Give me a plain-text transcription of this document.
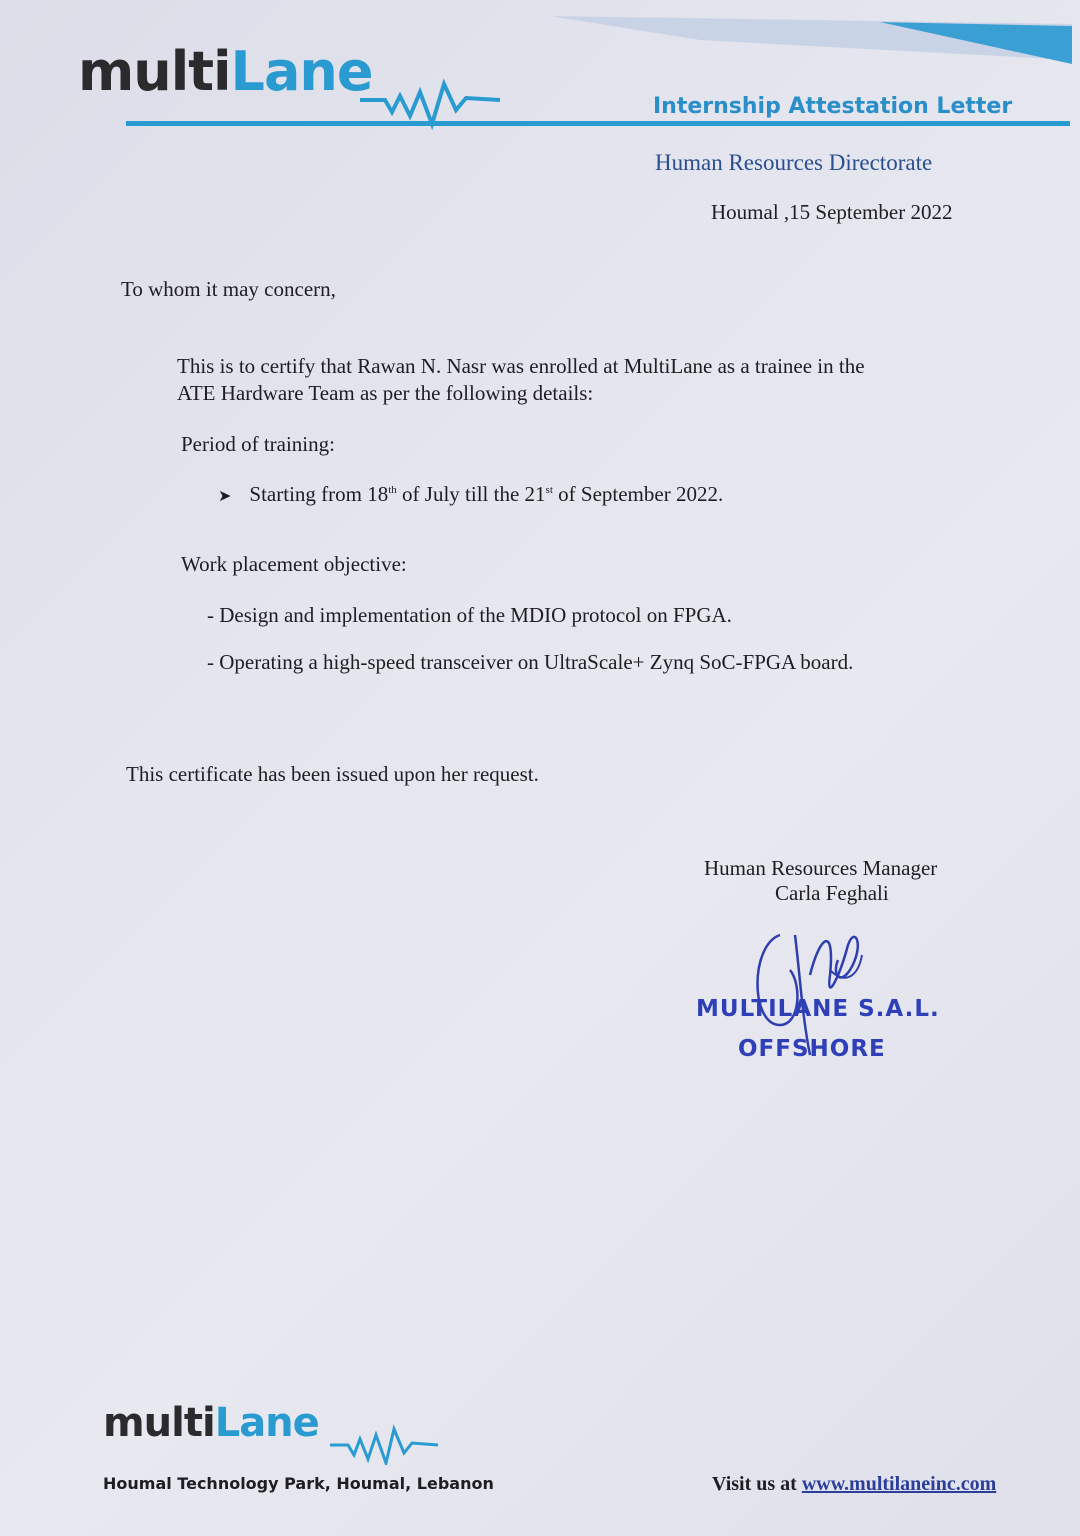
multiLane
Internship Attestation Letter
Human Resources Directorate
Houmal ,15 September 2022
To whom it may concern,
This is to certify that Rawan N. Nasr was enrolled at MultiLane as a trainee in the
ATE Hardware Team as per the following details:
Period of training:
➤ Starting from 18th of July till the 21st of September 2022.
Work placement objective:
- Design and implementation of the MDIO protocol on FPGA.
- Operating a high-speed transceiver on UltraScale+ Zynq SoC-FPGA board.
This certificate has been issued upon her request.
Human Resources Manager
Carla Feghali
MULTILANE S.A.L.
OFFSHORE
multiLane
Houmal Technology Park, Houmal, Lebanon	Visit us at www.multilaneinc.com
